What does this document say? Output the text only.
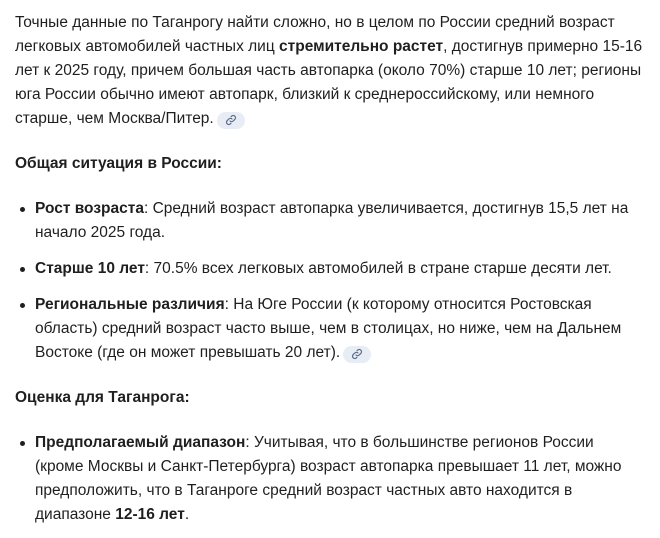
Точные данные по Таганрогу найти сложно, но в целом по России средний возраст легковых автомобилей частных лиц стремительно растет, достигнув примерно 15-16 лет к 2025 году, причем большая часть автопарка (около 70%) старше 10 лет; регионы юга России обычно имеют автопарк, близкий к среднероссийскому, или немного старше, чем Москва/Питер.

Общая ситуация в России:

Рост возраста: Средний возраст автопарка увеличивается, достигнув 15,5 лет на начало 2025 года.
Старше 10 лет: 70.5% всех легковых автомобилей в стране старше десяти лет.
Региональные различия: На Юге России (к которому относится Ростовская область) средний возраст часто выше, чем в столицах, но ниже, чем на Дальнем Востоке (где он может превышать 20 лет).

Оценка для Таганрога:

Предполагаемый диапазон: Учитывая, что в большинстве регионов России (кроме Москвы и Санкт-Петербурга) возраст автопарка превышает 11 лет, можно предположить, что в Таганроге средний возраст частных авто находится в диапазоне 12-16 лет.
